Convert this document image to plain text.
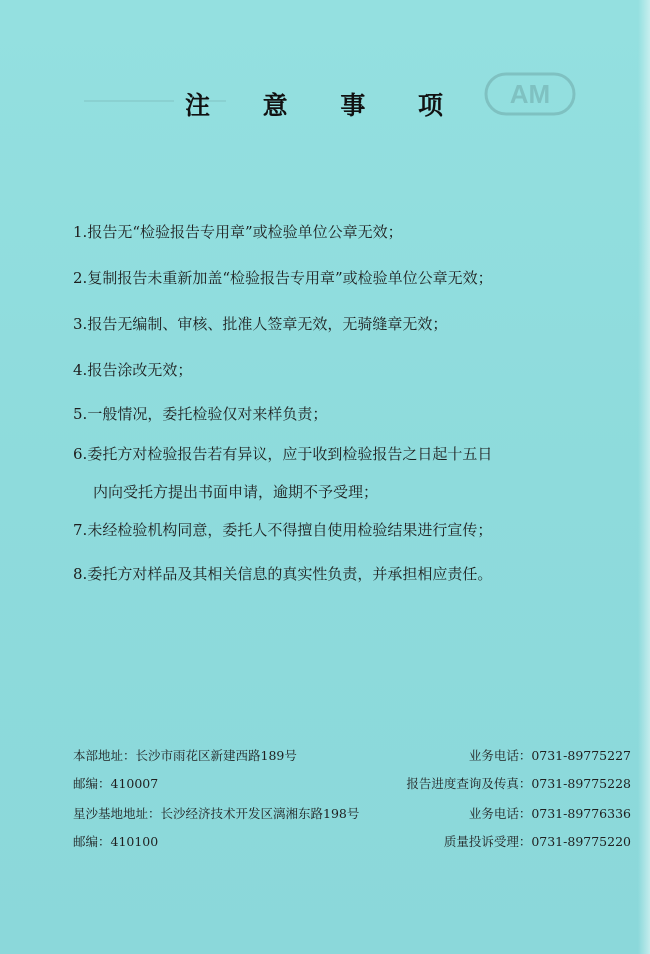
AM
注 意 事 项
1.报告无“检验报告专用章”或检验单位公章无效；
2.复制报告未重新加盖“检验报告专用章”或检验单位公章无效；
3.报告无编制、审核、批准人签章无效，无骑缝章无效；
4.报告涂改无效；
5.一般情况，委托检验仅对来样负责；
6.委托方对检验报告若有异议，应于收到检验报告之日起十五日
内向受托方提出书面申请，逾期不予受理；
7.未经检验机构同意，委托人不得擅自使用检验结果进行宣传；
8.委托方对样品及其相关信息的真实性负责，并承担相应责任。
本部地址：长沙市雨花区新建西路189号	业务电话：0731-89775227
邮编：410007	报告进度查询及传真：0731-89775228
星沙基地地址：长沙经济技术开发区漓湘东路198号	业务电话：0731-89776336
邮编：410100	质量投诉受理：0731-89775220
